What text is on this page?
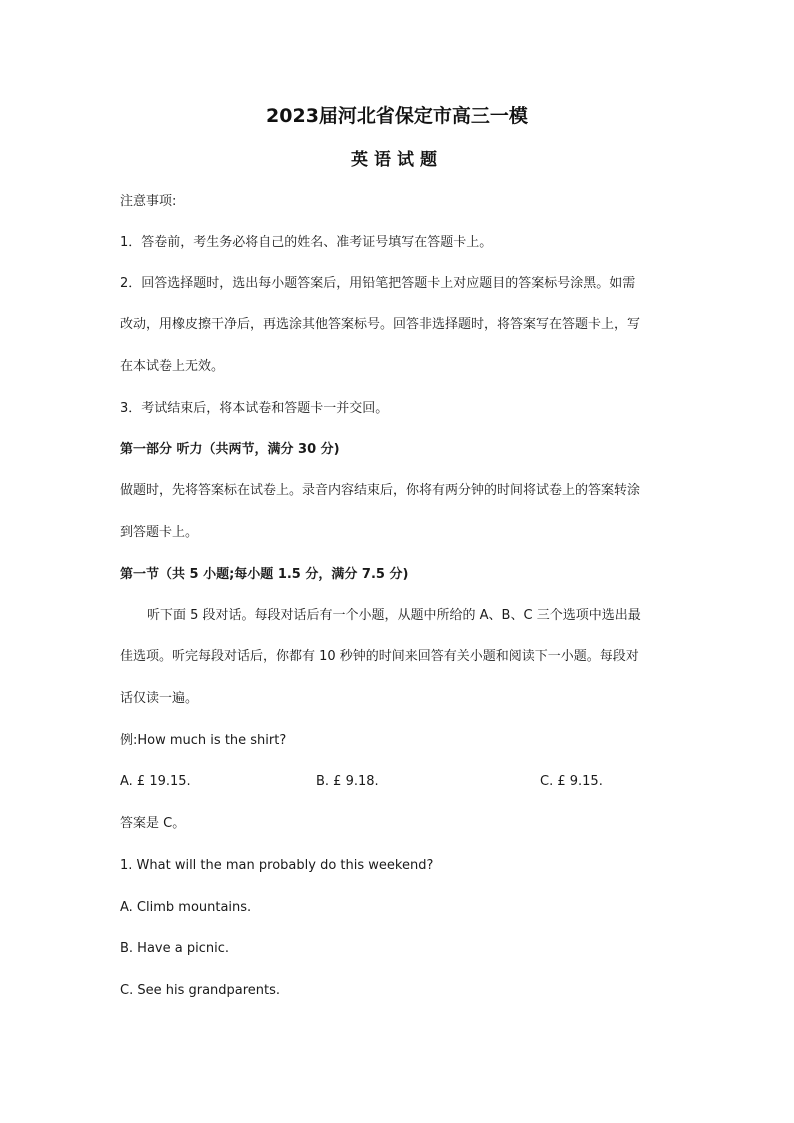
2023届河北省保定市高三一模
英语试题
注意事项:
1．答卷前，考生务必将自己的姓名、准考证号填写在答题卡上。
2．回答选择题时，选出每小题答案后，用铅笔把答题卡上对应题目的答案标号涂黑。如需
改动，用橡皮擦干净后，再选涂其他答案标号。回答非选择题时，将答案写在答题卡上，写
在本试卷上无效。
3．考试结束后，将本试卷和答题卡一并交回。
第一部分 听力（共两节，满分 30 分)
做题时，先将答案标在试卷上。录音内容结束后，你将有两分钟的时间将试卷上的答案转涂
到答题卡上。
第一节（共 5 小题;每小题 1.5 分，满分 7.5 分)
听下面 5 段对话。每段对话后有一个小题，从题中所给的 A、B、C 三个选项中选出最
佳选项。听完每段对话后，你都有 10 秒钟的时间来回答有关小题和阅读下一小题。每段对
话仅读一遍。
例:How much is the shirt?
A. £ 19.15.	B. £ 9.18.	C. £ 9.15.
答案是 C。
1. What will the man probably do this weekend?
A. Climb mountains.
B. Have a picnic.
C. See his grandparents.
